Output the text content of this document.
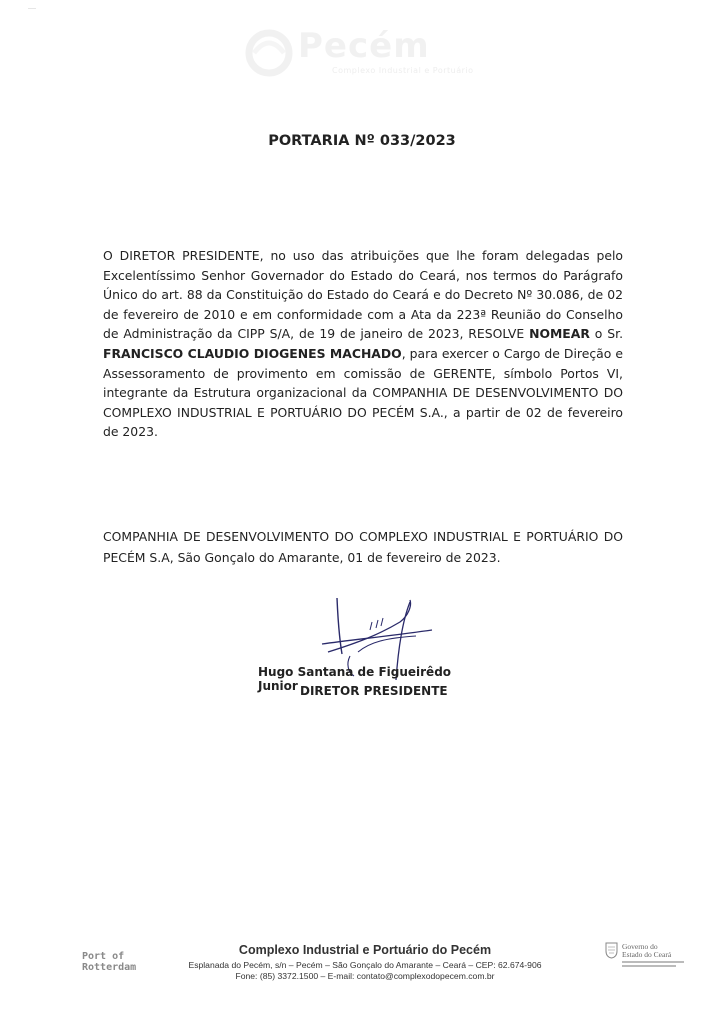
Pecém
Complexo Industrial e Portuário
PORTARIA Nº 033/2023
O DIRETOR PRESIDENTE, no uso das atribuições que lhe foram delegadas pelo Excelentíssimo Senhor Governador do Estado do Ceará, nos termos do Parágrafo Único do art. 88 da Constituição do Estado do Ceará e do Decreto Nº 30.086, de 02 de fevereiro de 2010 e em conformidade com a Ata da 223ª Reunião do Conselho de Administração da CIPP S/A, de 19 de janeiro de 2023, RESOLVE NOMEAR o Sr. FRANCISCO CLAUDIO DIOGENES MACHADO, para exercer o Cargo de Direção e Assessoramento de provimento em comissão de GERENTE, símbolo Portos VI, integrante da Estrutura organizacional da COMPANHIA DE DESENVOLVIMENTO DO COMPLEXO INDUSTRIAL E PORTUÁRIO DO PECÉM S.A., a partir de 02 de fevereiro de 2023.
COMPANHIA DE DESENVOLVIMENTO DO COMPLEXO INDUSTRIAL E PORTUÁRIO DO PECÉM S.A, São Gonçalo do Amarante, 01 de fevereiro de 2023.
Hugo Santana de Figueirêdo Junior DIRETOR PRESIDENTE
Port of
Rotterdam
Complexo Industrial e Portuário do Pecém
Esplanada do Pecém, s/n – Pecém – São Gonçalo do Amarante – Ceará – CEP: 62.674-906
Fone: (85) 3372.1500 – E-mail: contato@complexodopecem.com.br
Governo do
Estado do Ceará
